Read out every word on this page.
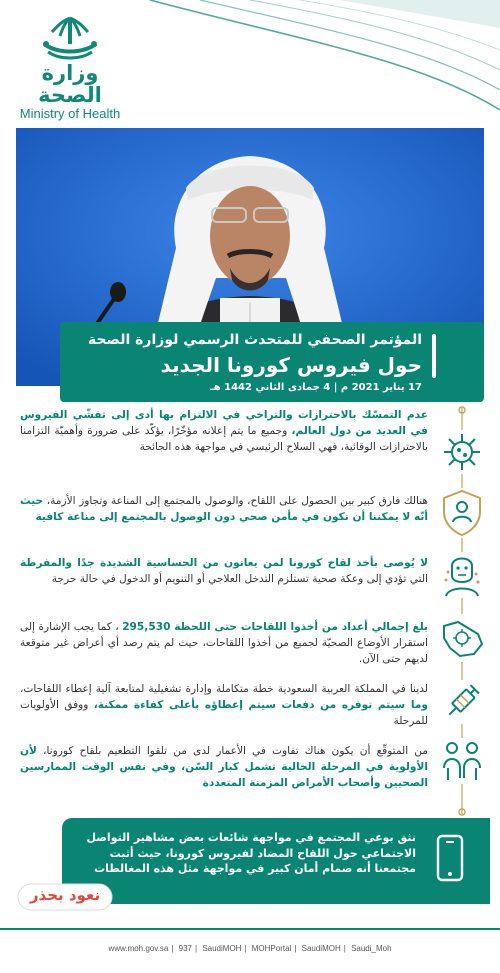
وزارة الصحة
Ministry of Health
المؤتمر الصحفي للمتحدث الرسمي لوزارة الصحة
حول فيروس كورونا الجديد
17 يناير 2021 م | 4 جمادى الثاني 1442 هـ
عدم التمسّك بالاحترازات والتراخي في الالتزام بها أدى إلى تفشّي الفيروس في العديد من دول العالم، وجميع ما يتم إعلانه مؤخّرًا، يؤكّد على ضرورة وأهميّة التزامنا بالاحترازات الوقائية، فهي السلاح الرئيسي في مواجهة هذه الجائحة
هنالك فارق كبير بين الحصول على اللقاح، والوصول بالمجتمع إلى المناعة وتجاوز الأزمة، حيث أنّه لا يمكننا أن نكون في مأمن صحي دون الوصول بالمجتمع إلى مناعة كافية
لا يُوصى بأخذ لقاح كورونا لمن يعانون من الحساسية الشديدة جدًا والمفرطة التي تؤدي إلى وعكة صحية تستلزم التدخل العلاجي أو التنويم أو الدخول في حالة حرجة
بلغ إجمالي أعداد من أخذوا اللقاحات حتى اللحظة 295,530 ، كما يجب الإشارة إلى استقرار الأوضاع الصحيّة لجميع من أخذوا اللقاحات، حيث لم يتم رصد أي أعراض غير متوقعة لديهم حتى الآن.
لدينا في المملكة العربية السعودية خطة متكاملة وإدارة تشغيلية لمتابعة آلية إعطاء اللقاحات، وما سيتم توفره من دفعات سيتم إعطاؤه بأعلى كفاءة ممكنة، ووفق الأولويات للمرحلة
من المتوقّع أن يكون هناك تفاوت في الأعمار لدى من تلقوا التطعيم بلقاح كورونا، لأن الأولوية في المرحلة الحالية تشمل كبار السّن، وفي نفس الوقت الممارسين الصحيين وأصحاب الأمراض المزمنة المتعددة
نثق بوعي المجتمع في مواجهة شائعات بعض مشاهير التواصل الاجتماعي حول اللقاح المضاد لفيروس كورونا، حيث أثبت مجتمعنا أنه صمام أمان كبير في مواجهة مثل هذه المغالطات
نعود بحذر
www.moh.gov.sa | 937 | SaudiMOH | MOHPortal | SaudiMOH | Saudi_Moh
